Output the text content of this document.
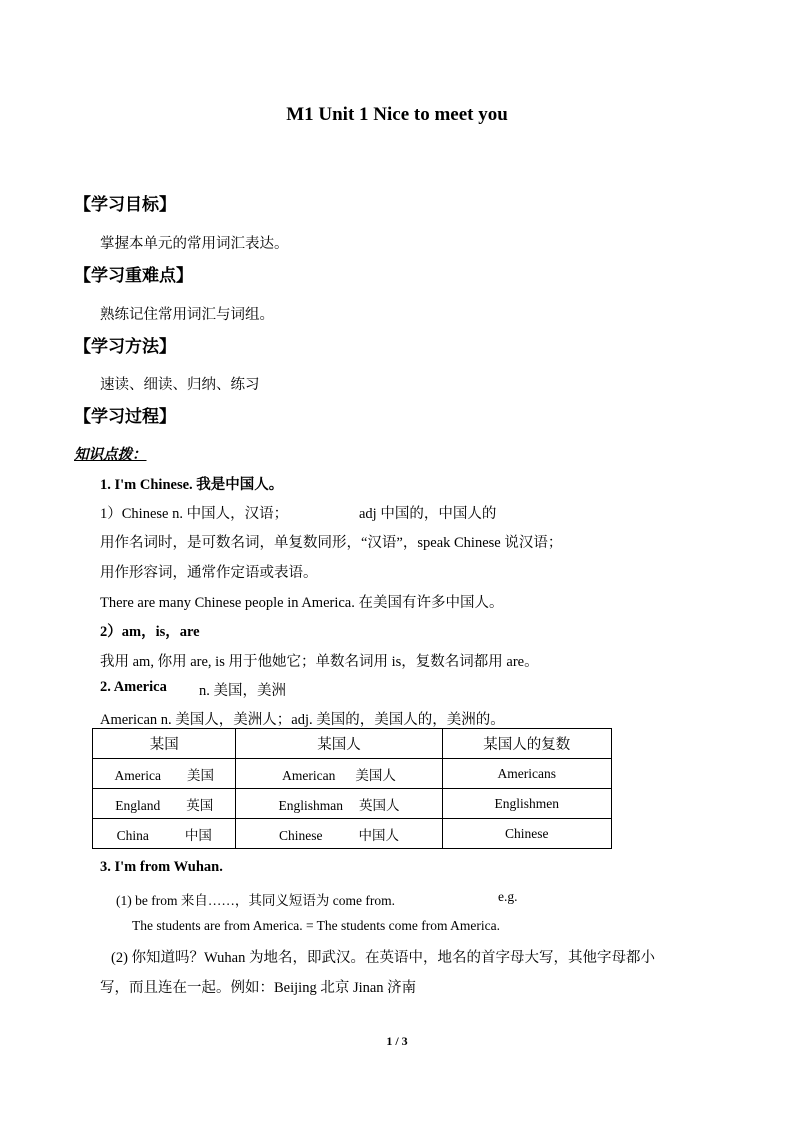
M1 Unit 1 Nice to meet you
【学习目标】
掌握本单元的常用词汇表达。
【学习重难点】
熟练记住常用词汇与词组。
【学习方法】
速读、细读、归纳、练习
【学习过程】
知识点拨：
1. I'm Chinese. 我是中国人。
1）Chinese n. 中国人，汉语；	adj 中国的，中国人的
用作名词时，是可数名词，单复数同形，“汉语”，speak Chinese 说汉语；
用作形容词，通常作定语或表语。
There are many Chinese people in America. 在美国有许多中国人。
2）am，is，are
我用 am, 你用 are, is 用于他她它；单数名词用 is，复数名词都用 are。
2. America n. 美国，美洲
American n. 美国人，美洲人；adj. 美国的，美国人的，美洲的。
某国	某国人	某国人的复数
America 美国	American 美国人	Americans
England 英国	Englishman 英国人	Englishmen
China 中国	Chinese 中国人	Chinese
3. I'm from Wuhan.
(1) be from 来自……，其同义短语为 come from.	e.g.
The students are from America. = The students come from America.
(2) 你知道吗？Wuhan 为地名，即武汉。在英语中，地名的首字母大写，其他字母都小
写，而且连在一起。例如：Beijing 北京 Jinan 济南
1 / 3
